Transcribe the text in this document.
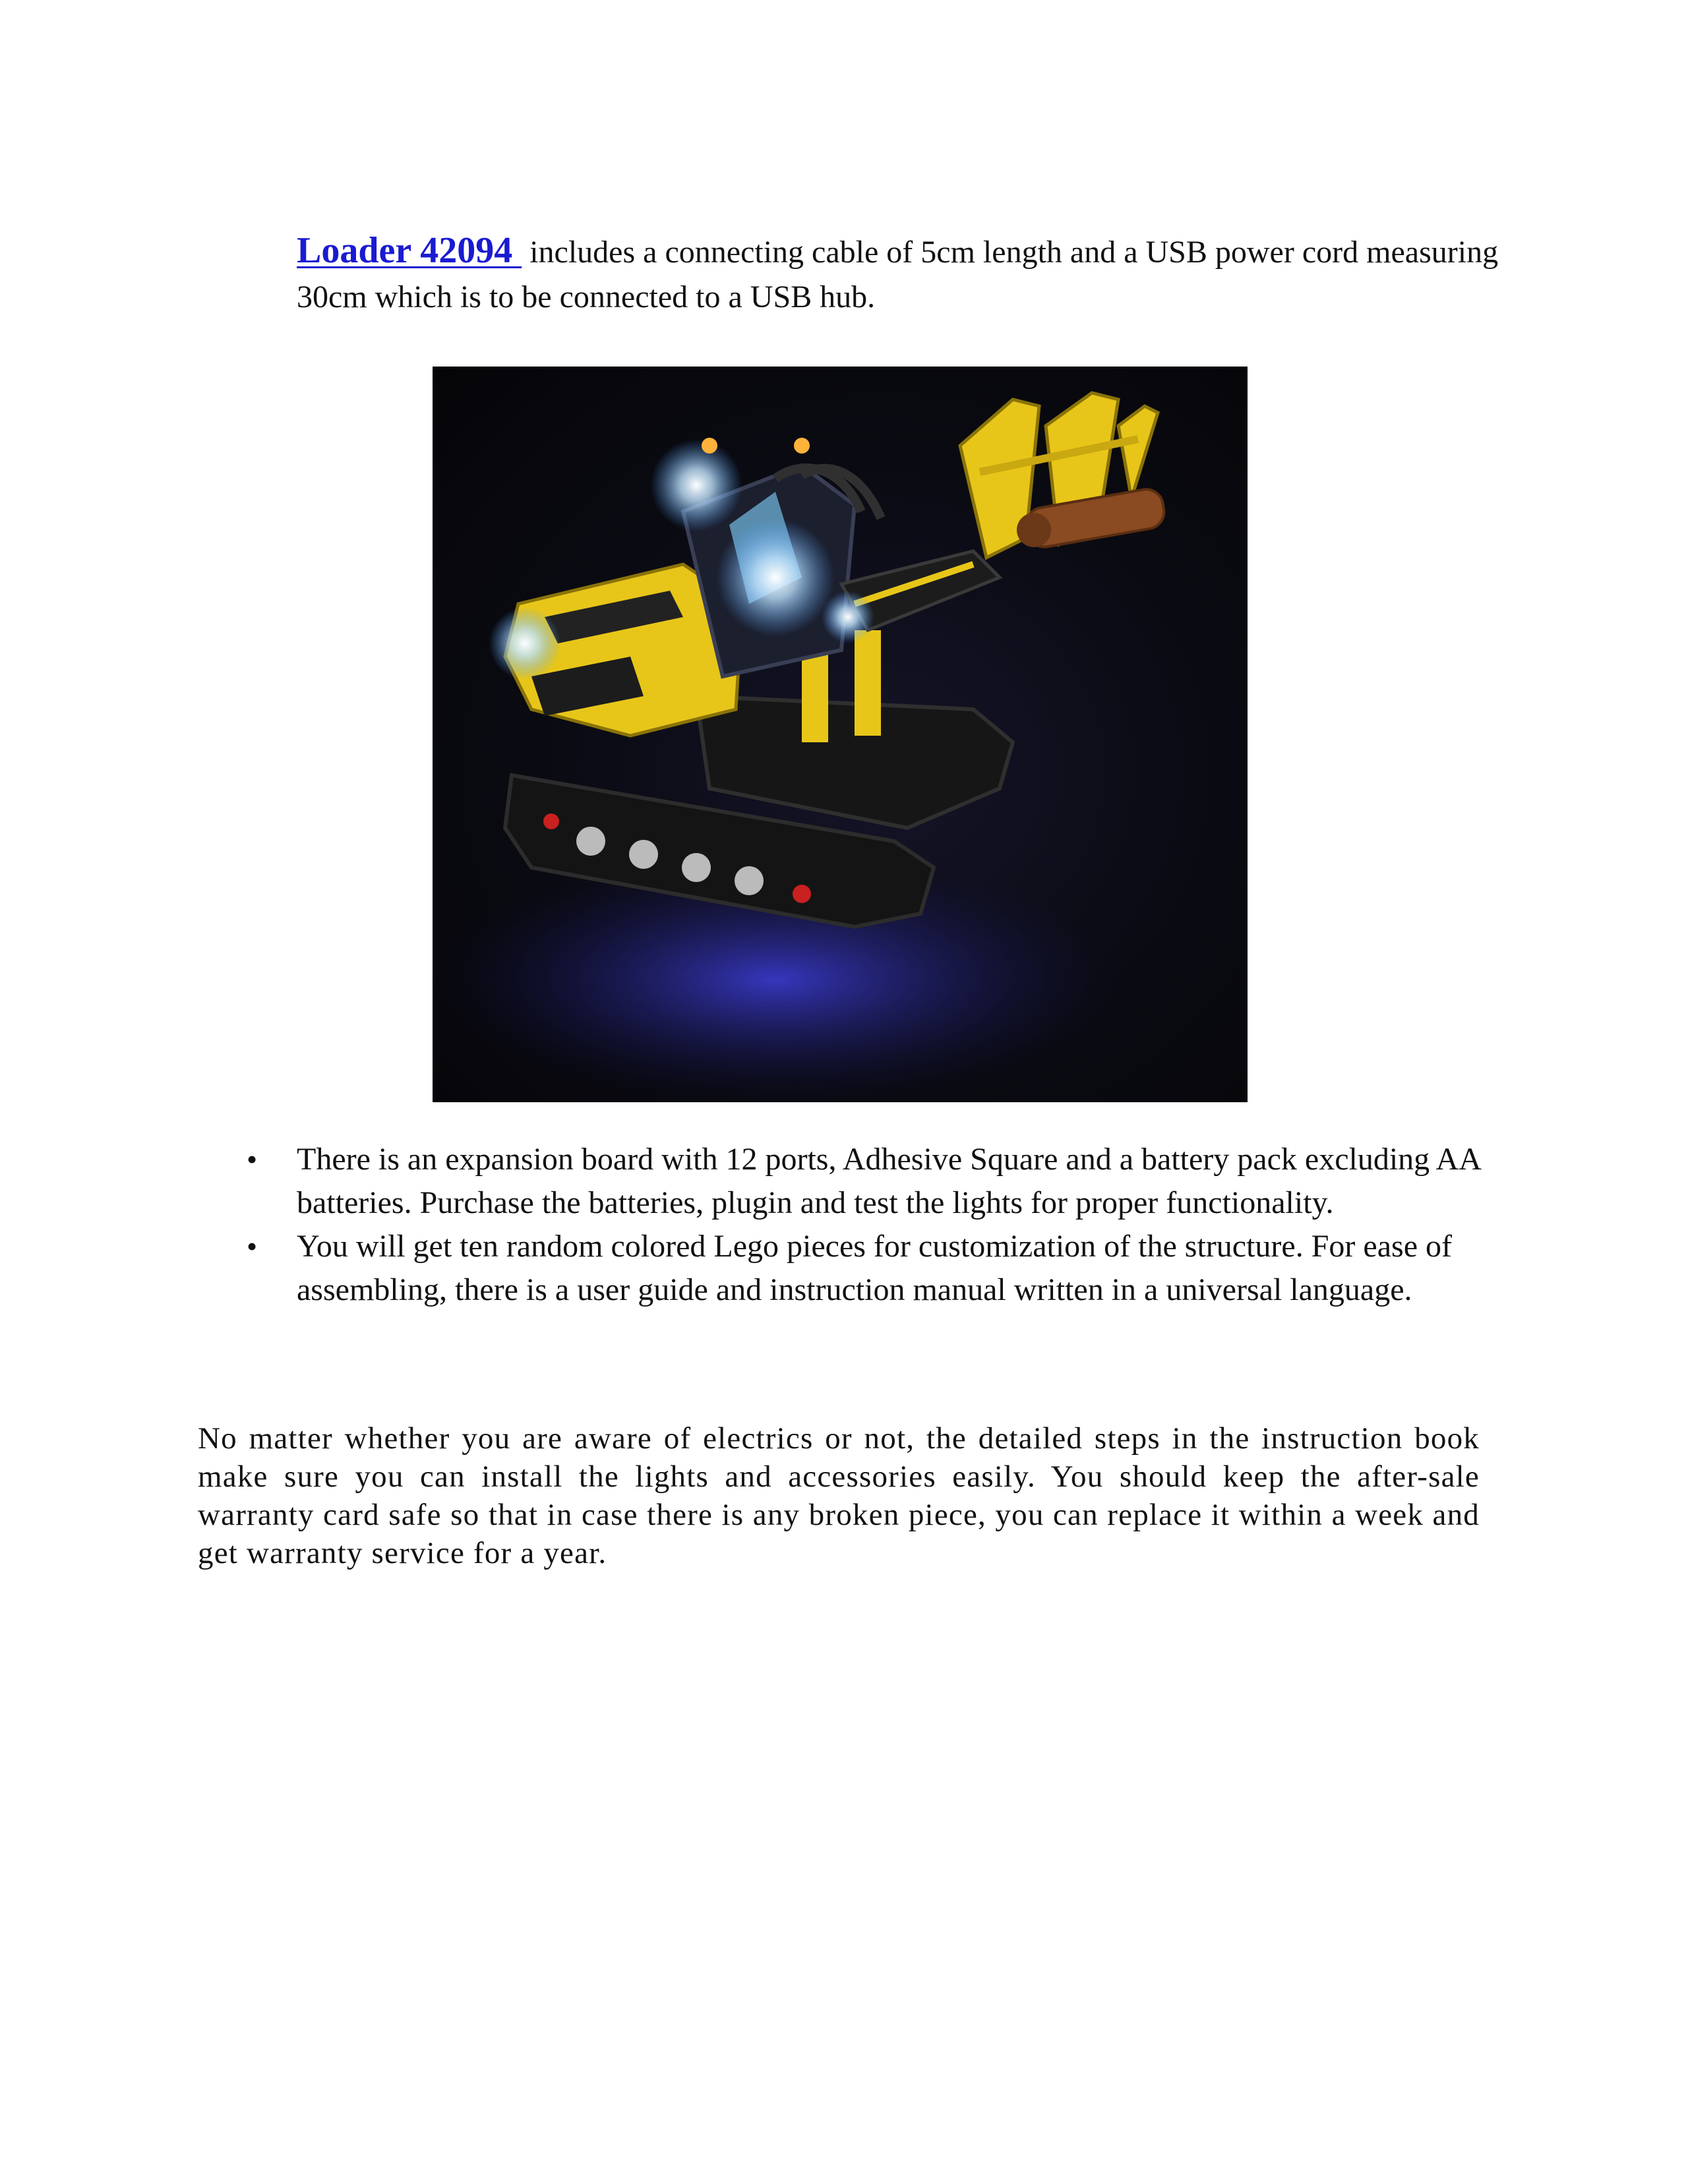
Loader 42094  includes a connecting cable of 5cm length and a USB power cord measuring 30cm which is to be connected to a USB hub.

• There is an expansion board with 12 ports, Adhesive Square and a battery pack excluding AA batteries. Purchase the batteries, plugin and test the lights for proper functionality.
• You will get ten random colored Lego pieces for customization of the structure. For ease of assembling, there is a user guide and instruction manual written in a universal language.

No matter whether you are aware of electrics or not, the detailed steps in the instruction book make sure you can install the lights and accessories easily. You should keep the after-sale warranty card safe so that in case there is any broken piece, you can replace it within a week and get warranty service for a year.
